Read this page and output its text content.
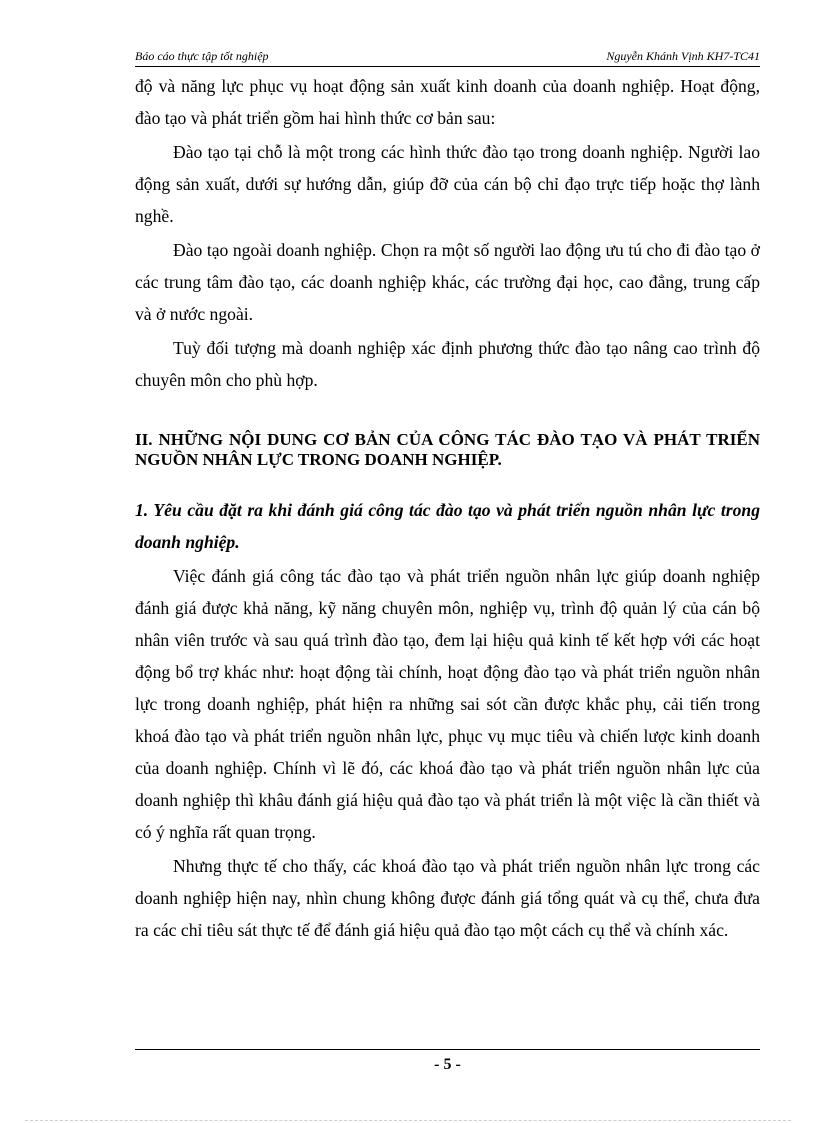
Báo cáo thực tập tốt nghiệp	Nguyễn Khánh Vịnh KH7-TC41

độ và năng lực phục vụ hoạt động sản xuất kinh doanh của doanh nghiệp. Hoạt động, đào tạo và phát triển gồm hai hình thức cơ bản sau:

Đào tạo tại chỗ là một trong các hình thức đào tạo trong doanh nghiệp. Người lao động sản xuất, dưới sự hướng dẫn, giúp đỡ của cán bộ chỉ đạo trực tiếp hoặc thợ lành nghề.

Đào tạo ngoài doanh nghiệp. Chọn ra một số người lao động ưu tú cho đi đào tạo ở các trung tâm đào tạo, các doanh nghiệp khác, các trường đại học, cao đẳng, trung cấp và ở nước ngoài.

Tuỳ đối tượng mà doanh nghiệp xác định phương thức đào tạo nâng cao trình độ chuyên môn cho phù hợp.

II. NHỮNG NỘI DUNG CƠ BẢN CỦA CÔNG TÁC ĐÀO TẠO VÀ PHÁT TRIỂN NGUỒN NHÂN LỰC TRONG DOANH NGHIỆP.

1. Yêu cầu đặt ra khi đánh giá công tác đào tạo và phát triển nguồn nhân lực trong doanh nghiệp.

Việc đánh giá công tác đào tạo và phát triển nguồn nhân lực giúp doanh nghiệp đánh giá được khả năng, kỹ năng chuyên môn, nghiệp vụ, trình độ quản lý của cán bộ nhân viên trước và sau quá trình đào tạo, đem lại hiệu quả kinh tế kết hợp với các hoạt động bổ trợ khác như: hoạt động tài chính, hoạt động đào tạo và phát triển nguồn nhân lực trong doanh nghiệp, phát hiện ra những sai sót cần được khắc phụ, cải tiến trong khoá đào tạo và phát triển nguồn nhân lực, phục vụ mục tiêu và chiến lược kinh doanh của doanh nghiệp. Chính vì lẽ đó, các khoá đào tạo và phát triển nguồn nhân lực của doanh nghiệp thì khâu đánh giá hiệu quả đào tạo và phát triển là một việc là cần thiết và có ý nghĩa rất quan trọng.

Nhưng thực tế cho thấy, các khoá đào tạo và phát triển nguồn nhân lực trong các doanh nghiệp hiện nay, nhìn chung không được đánh giá tổng quát và cụ thể, chưa đưa ra các chỉ tiêu sát thực tế để đánh giá hiệu quả đào tạo một cách cụ thể và chính xác.

- 5 -
